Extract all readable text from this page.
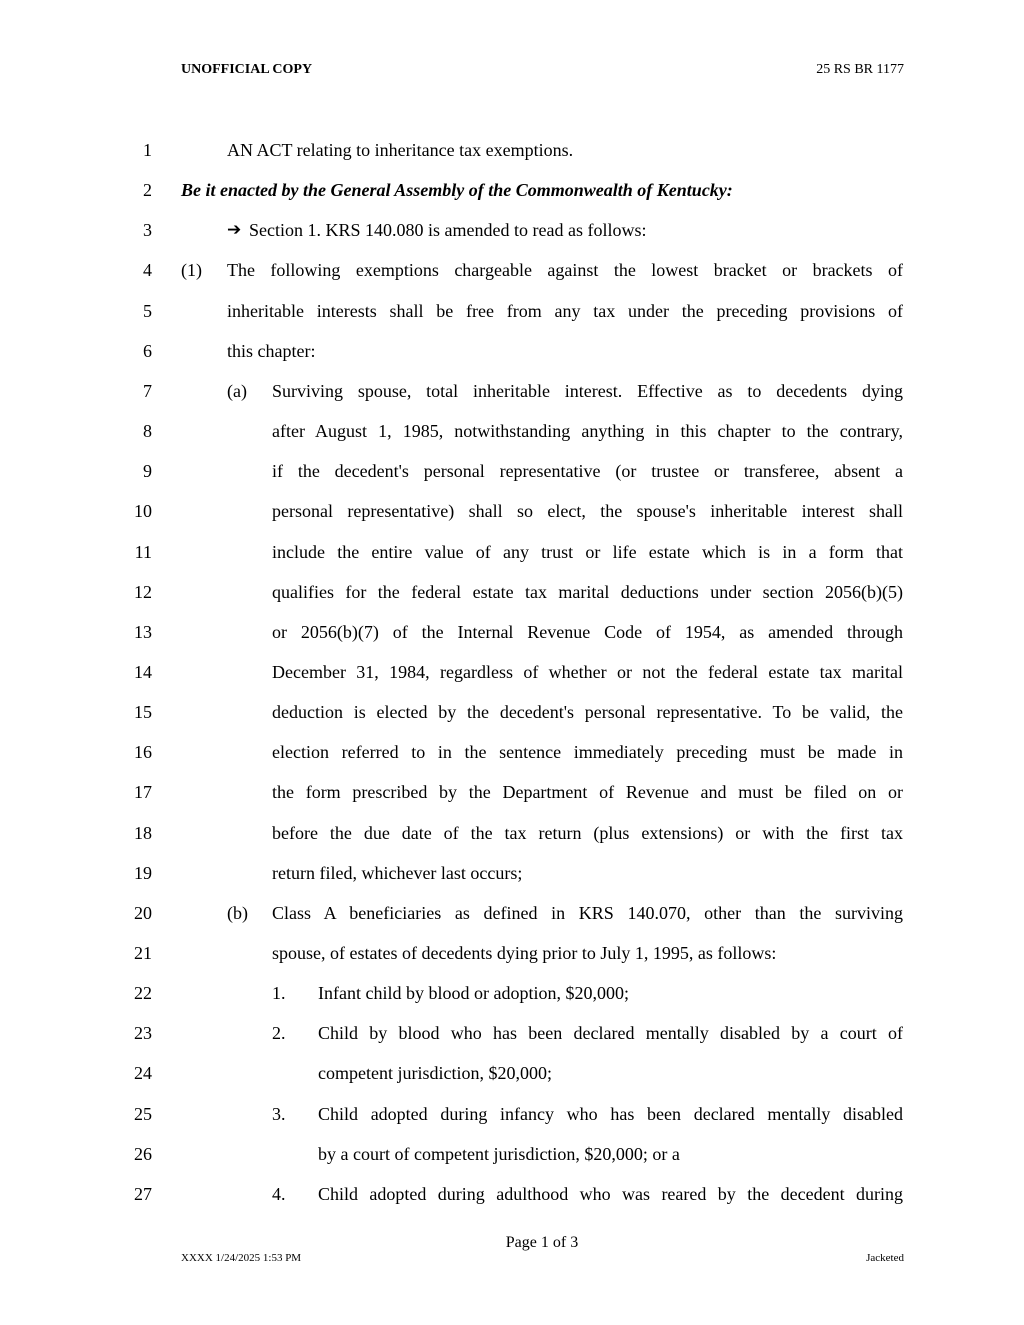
UNOFFICIAL COPY	25 RS BR 1177
1	AN ACT relating to inheritance tax exemptions.
2 Be it enacted by the General Assembly of the Commonwealth of Kentucky:
3	➔ Section 1. KRS 140.080 is amended to read as follows:
4 (1) The following exemptions chargeable against the lowest bracket or brackets of
5	inheritable interests shall be free from any tax under the preceding provisions of
6	this chapter:
7	(a) Surviving spouse, total inheritable interest. Effective as to decedents dying
8	after August 1, 1985, notwithstanding anything in this chapter to the contrary,
9	if the decedent's personal representative (or trustee or transferee, absent a
10	personal representative) shall so elect, the spouse's inheritable interest shall
11	include the entire value of any trust or life estate which is in a form that
12	qualifies for the federal estate tax marital deductions under section 2056(b)(5)
13	or 2056(b)(7) of the Internal Revenue Code of 1954, as amended through
14	December 31, 1984, regardless of whether or not the federal estate tax marital
15	deduction is elected by the decedent's personal representative. To be valid, the
16	election referred to in the sentence immediately preceding must be made in
17	the form prescribed by the Department of Revenue and must be filed on or
18	before the due date of the tax return (plus extensions) or with the first tax
19	return filed, whichever last occurs;
20	(b) Class A beneficiaries as defined in KRS 140.070, other than the surviving
21	spouse, of estates of decedents dying prior to July 1, 1995, as follows:
22	1. Infant child by blood or adoption, $20,000;
23	2. Child by blood who has been declared mentally disabled by a court of
24	competent jurisdiction, $20,000;
25	3. Child adopted during infancy who has been declared mentally disabled
26	by a court of competent jurisdiction, $20,000; or a
27	4. Child adopted during adulthood who was reared by the decedent during
Page 1 of 3
XXXX 1/24/2025 1:53 PM	Jacketed
